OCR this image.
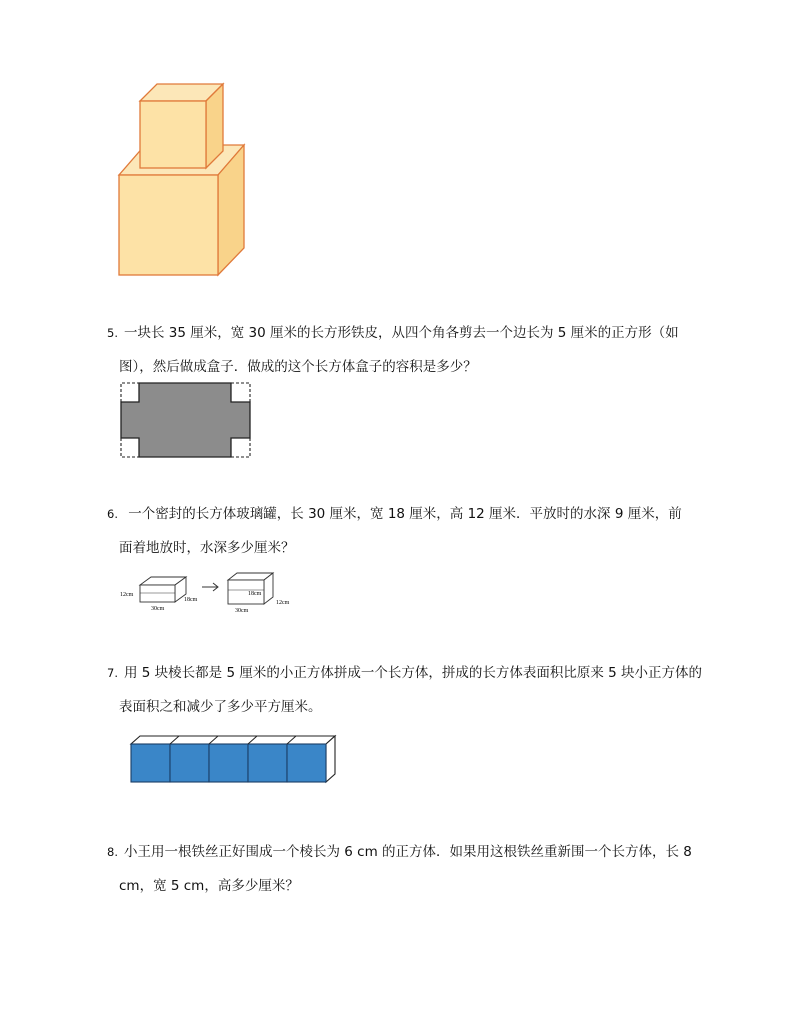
5. 一块长 35 厘米，宽 30 厘米的长方形铁皮，从四个角各剪去一个边长为 5 厘米的正方形（如
图），然后做成盒子．做成的这个长方体盒子的容积是多少？
6. 一个密封的长方体玻璃罐，长 30 厘米，宽 18 厘米，高 12 厘米．平放时的水深 9 厘米，前
面着地放时，水深多少厘米？
12cm
30cm
18cm
18cm
12cm
30cm
7. 用 5 块棱长都是 5 厘米的小正方体拼成一个长方体，拼成的长方体表面积比原来 5 块小正方体的
表面积之和减少了多少平方厘米。
8. 小王用一根铁丝正好围成一个棱长为 6 cm 的正方体．如果用这根铁丝重新围一个长方体，长 8
cm，宽 5 cm，高多少厘米？
